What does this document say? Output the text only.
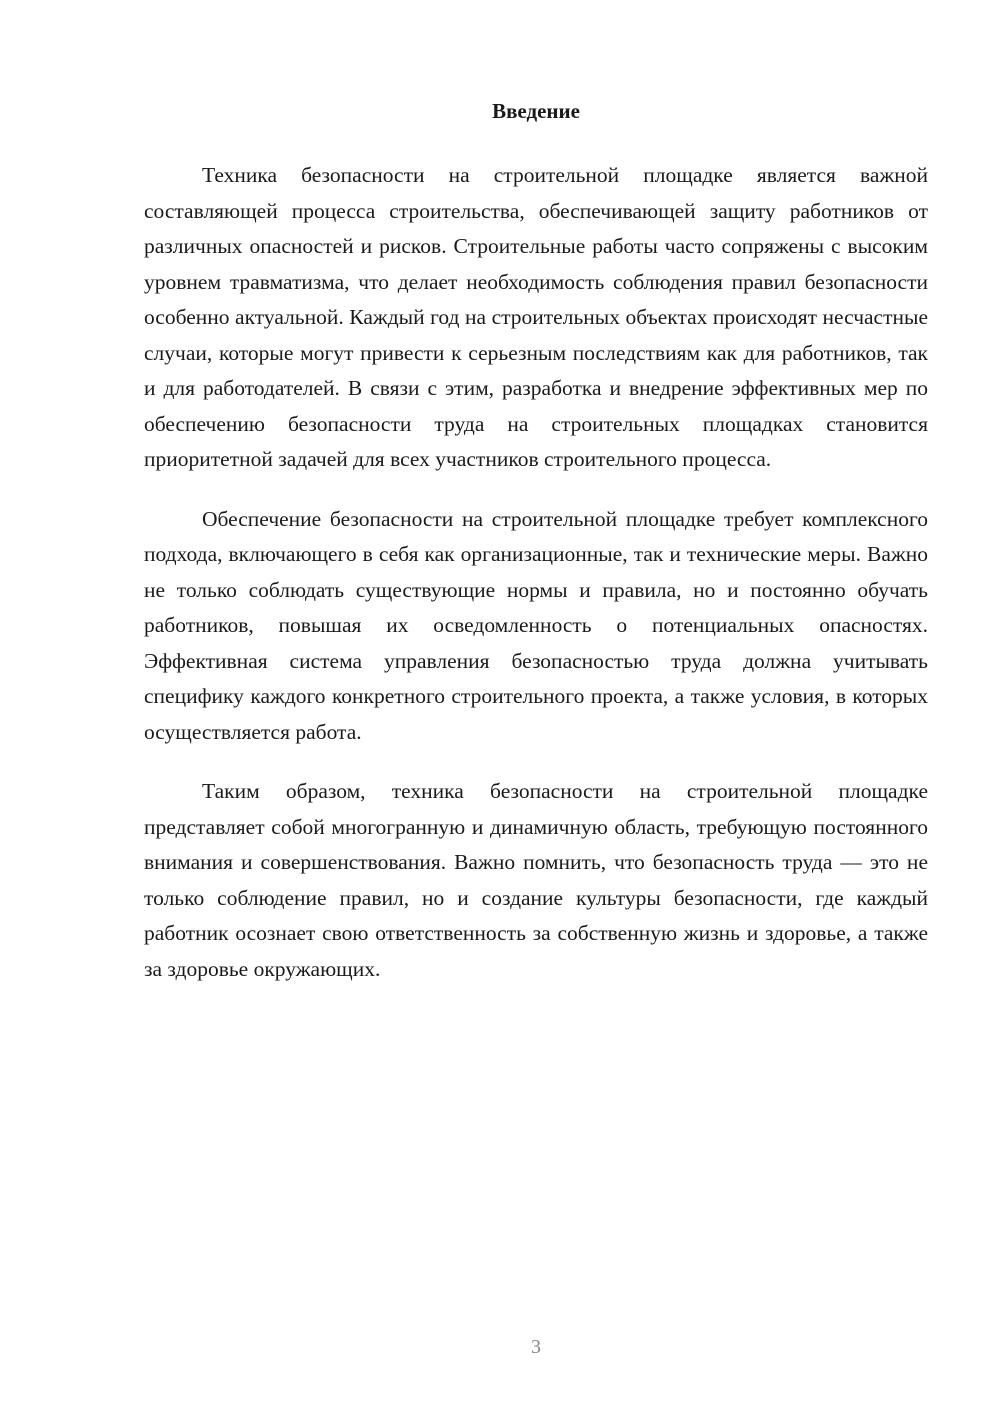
Введение

Техника безопасности на строительной площадке является важной составляющей процесса строительства, обеспечивающей защиту работников от различных опасностей и рисков. Строительные работы часто сопряжены с высоким уровнем травматизма, что делает необходимость соблюдения правил безопасности особенно актуальной. Каждый год на строительных объектах происходят несчастные случаи, которые могут привести к серьезным последствиям как для работников, так и для работодателей. В связи с этим, разработка и внедрение эффективных мер по обеспечению безопасности труда на строительных площадках становится приоритетной задачей для всех участников строительного процесса.

Обеспечение безопасности на строительной площадке требует комплексного подхода, включающего в себя как организационные, так и технические меры. Важно не только соблюдать существующие нормы и правила, но и постоянно обучать работников, повышая их осведомленность о потенциальных опасностях. Эффективная система управления безопасностью труда должна учитывать специфику каждого конкретного строительного проекта, а также условия, в которых осуществляется работа.

Таким образом, техника безопасности на строительной площадке представляет собой многогранную и динамичную область, требующую постоянного внимания и совершенствования. Важно помнить, что безопасность труда — это не только соблюдение правил, но и создание культуры безопасности, где каждый работник осознает свою ответственность за собственную жизнь и здоровье, а также за здоровье окружающих.

3
